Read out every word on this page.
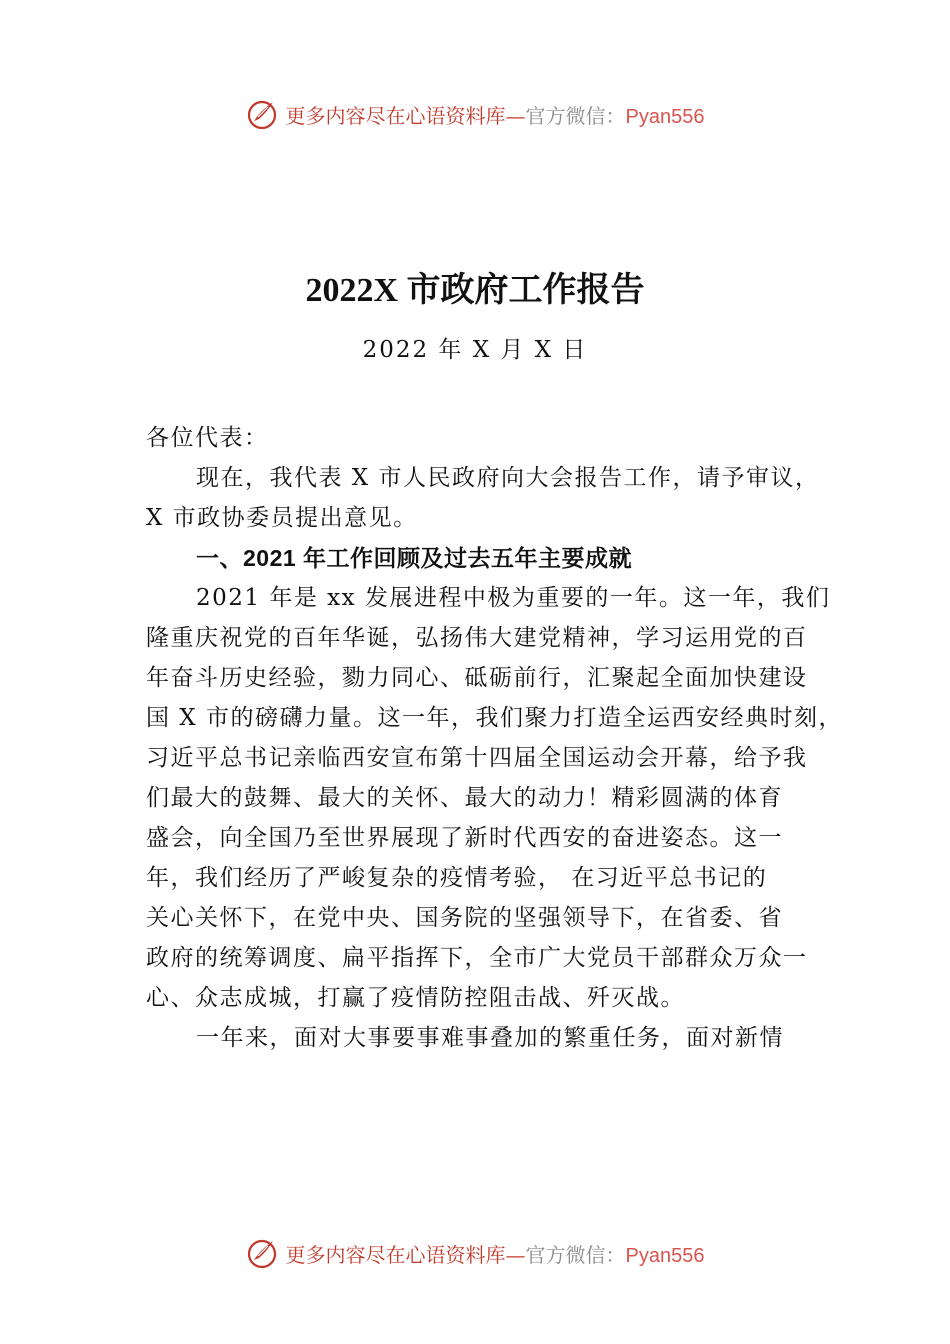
更多内容尽在心语资料库—官方微信：Pyan556
2022X 市政府工作报告
2022 年 X 月 X 日

各位代表：

现在，我代表 X 市人民政府向大会报告工作，请予审议，X 市政协委员提出意见。

一、2021 年工作回顾及过去五年主要成就

2021 年是 xx 发展进程中极为重要的一年。这一年，我们
隆重庆祝党的百年华诞，弘扬伟大建党精神，学习运用党的百
年奋斗历史经验，勠力同心、砥砺前行，汇聚起全面加快建设
国 X 市的磅礴力量。这一年，我们聚力打造全运西安经典时刻，
习近平总书记亲临西安宣布第十四届全国运动会开幕，给予我
们最大的鼓舞、最大的关怀、最大的动力！精彩圆满的体育
盛会，向全国乃至世界展现了新时代西安的奋进姿态。这一
年，我们经历了严峻复杂的疫情考验， 在习近平总书记的
关心关怀下，在党中央、国务院的坚强领导下，在省委、省
政府的统筹调度、扁平指挥下，全市广大党员干部群众万众一
心、众志成城，打赢了疫情防控阻击战、歼灭战。

一年来，面对大事要事难事叠加的繁重任务，面对新情

更多内容尽在心语资料库—官方微信：Pyan556
